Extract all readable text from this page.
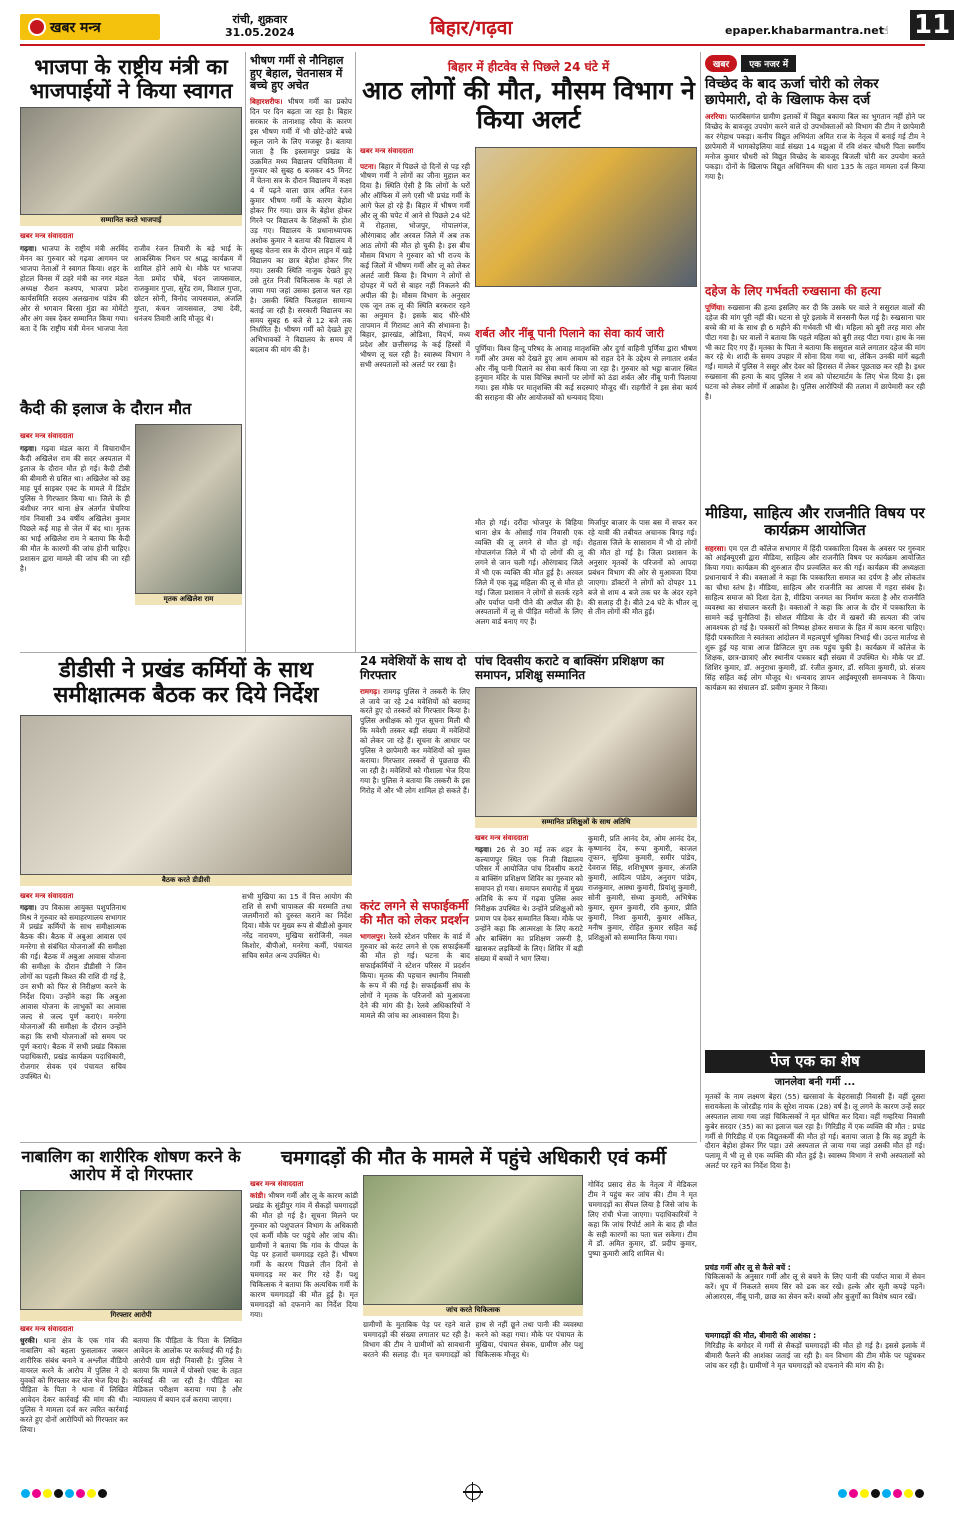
खबर मन्त्र	रांची, शुक्रवार
31.05.2024	बिहार/गढ़वा	epaper.khabarmantra.net
☝ 11
भाजपा के राष्ट्रीय मंत्री का भाजपाईयों ने किया स्वागत
सम्मानित करते भाजपाई
खबर मन्त्र संवाददाता
गढ़वा। भाजपा के राष्ट्रीय मंत्री अरविंद मेनन का गुरुवार को गढ़वा आगमन पर भाजपा नेताओं ने स्वागत किया। शहर के होटल विनस में ठहरे मंत्री का नगर मंडल अध्यक्ष रौशन कश्यप, भाजपा प्रदेश कार्यसमिति सदस्य अलखनाथ पांडेय की ओर से भगवान बिरसा मुंडा का मोमेंटो और अंग वस्त्र देकर सम्मानित किया गया। बता दें कि राष्ट्रीय मंत्री मेनन भाजपा नेता राजीव रंजन तिवारी के बड़े भाई के आकस्मिक निधन पर श्राद्ध कार्यक्रम में शामिल होने आये थे। मौके पर भाजपा नेता प्रमोद चौबे, चंदन जायसवाल, राजकुमार गुप्ता, सुरेंद्र राम, विशाल गुप्ता, छोटन सोनी, विनोद जायसवाल, अंजलि गुप्ता, कंचन जायसवाल, उषा देवी, धनंजय तिवारी आदि मौजूद थे।
भीषण गर्मी से नौनिहाल हुए बेहाल, चेतनासत्र में बच्चे हुए अचेत
बिहारशरीफ। भीषण गर्मी का प्रकोप दिन पर दिन बढ़ता जा रहा है। बिहार सरकार के तानाशाह रवैया के कारण इस भीषण गर्मी में भी छोटे-छोटे बच्चे स्कूल जाने के लिए मजबूर है। बताया जाता है कि इस्लामपुर प्रखंड के उत्क्रमित मध्य विद्यालय पचिवितमा में गुरुवार को सुबह 6 बजकर 45 मिनट में चेतना सत्र के दौरान विद्यालय में कक्षा 4 में पढ़ने वाला छात्र अमित रंजन कुमार भीषण गर्मी के कारण बेहोश होकर गिर गया। छात्र के बेहोश होकर गिरने पर विद्यालय के शिक्षकों के होश उड़ गए। विद्यालय के प्रधानाध्यापक अशोक कुमार ने बताया की विद्यालय में सुबह चेतना सत्र के दौरान लाइन में खड़े विद्यालय का छात्र बेहोश होकर गिर गया। उसकी स्थिति नाजुक देखते हुए उसे तुरंत निजी चिकित्सक के यहां ले जाया गया जहां उसका इलाज चल रहा है। उसकी स्थिति फिलहाल सामान्य बताई जा रही है। सरकारी विद्यालय का समय सुबह 6 बजे से 12 बजे तक निर्धारित है। भीषण गर्मी को देखते हुए अभिभावकों ने विद्यालय के समय में बदलाव की मांग की है।
कैदी की इलाज के दौरान मौत
खबर मन्त्र संवाददाता
गढ़वा। गढ़वा मंडल कारा में विचाराधीन कैदी अखिलेश राम की सदर अस्पताल में इलाज के दौरान मौत हो गई। कैदी टीबी की बीमारी से ग्रसित था। अखिलेश को छह माह पूर्व साइबर एक्ट के मामले में डिंडोर पुलिस ने गिरफ्तार किया था। जिले के ही बंशीधर नगर थाना क्षेत्र अंतर्गत चेचरिया गांव निवासी 34 वर्षीय अखिलेश कुमार पिछले कई माह से जेल में बंद था। मृतक का भाई अखिलेश राम ने बताया कि कैदी की मौत के कारणों की जांच होनी चाहिए। प्रशासन द्वारा मामले की जांच की जा रही है।
मृतक अखिलेश राम
बिहार में हीटवेव से पिछले 24 घंटे में
आठ लोगों की मौत, मौसम विभाग ने किया अलर्ट
खबर मन्त्र संवाददाता
पटना। बिहार में पिछले दो दिनों से पड़ रही भीषण गर्मी ने लोगों का जीना मुहाल कर दिया है। स्थिति ऐसी है कि लोगों के घरों और ऑफिस में लगे एसी भी प्रचंड गर्मी के आगे फेल हो रहे हैं। बिहार में भीषण गर्मी और लू की चपेट में आने से पिछले 24 घंटे में रोहतास, भोजपुर, गोपालगंज, औरंगाबाद और अरवल जिले में अब तक आठ लोगों की मौत हो चुकी है। इस बीच मौसम विभाग ने गुरुवार को भी राज्य के कई जिलों में भीषण गर्मी और लू को लेकर अलर्ट जारी किया है। विभाग ने लोगों से दोपहर में घरों से बाहर नहीं निकलने की अपील की है। मौसम विभाग के अनुसार एक जून तक लू की स्थिति बरकरार रहने का अनुमान है। इसके बाद धीरे-धीरे तापमान में गिरावट आने की संभावना है। बिहार, झारखंड, ओडिशा, विदर्भ, मध्य प्रदेश और छत्तीसगढ़ के कई हिस्सों में भीषण लू चल रही है। स्वास्थ्य विभाग ने सभी अस्पतालों को अलर्ट पर रखा है।
शर्बत और नींबू पानी पिलाने का सेवा कार्य जारी
पूर्णिया। विश्व हिन्दू परिषद के आवाह मातृशक्ति और दुर्गा वाहिनी पूर्णिया द्वारा भीषण गर्मी और उमस को देखते हुए आम आवाम को राहत देने के उद्देश्य से लगातार शर्बत और नींबू पानी पिलाने का सेवा कार्य किया जा रहा है। गुरुवार को भट्ठा बाजार स्थित हनुमान मंदिर के पास विभिन्न स्थानों पर लोगों को ठंडा शर्बत और नींबू पानी पिलाया गया। इस मौके पर मातृशक्ति की कई सदस्याएं मौजूद थीं। राहगीरों ने इस सेवा कार्य की सराहना की और आयोजकों को धन्यवाद दिया।
मौत हो गई। दरौंदा भोजपुर के बिहिया थाना क्षेत्र के ओसाईं गांव निवासी एक व्यक्ति की लू लगने से मौत हो गई। गोपालगंज जिले में भी दो लोगों की लू लगने से जान चली गई। औरंगाबाद जिले में भी एक व्यक्ति की मौत हुई है। अरवल जिले में एक वृद्ध महिला की लू से मौत हो गई। जिला प्रशासन ने लोगों से सतर्क रहने और पर्याप्त पानी पीने की अपील की है। अस्पतालों में लू से पीड़ित मरीजों के लिए अलग वार्ड बनाए गए हैं।
मिर्जापुर बाजार के पास बस में सफर कर रहे यात्री की तबीयत अचानक बिगड़ गई। रोहतास जिले के सासाराम में भी दो लोगों की मौत हो गई है। जिला प्रशासन के अनुसार मृतकों के परिजनों को आपदा प्रबंधन विभाग की ओर से मुआवजा दिया जाएगा। डॉक्टरों ने लोगों को दोपहर 11 बजे से शाम 4 बजे तक घर के अंदर रहने की सलाह दी है। बीते 24 घंटे के भीतर लू से तीन लोगों की मौत हुई।
खबर	एक नजर में
विच्छेद के बाद ऊर्जा चोरी को लेकर छापेमारी, दो के खिलाफ केस दर्ज
अररिया। फारबिसगंज ग्रामीण इलाकों में विद्युत बकाया बिल का भुगतान नहीं होने पर विच्छेद के बावजूद उपयोग करने वाले दो उपभोक्ताओं को विभाग की टीम ने छापेमारी कर रंगेहाथ पकड़ा। कनीय विद्युत अभियंता अमित राज के नेतृत्व में बनाई गई टीम ने छापेमारी में भागकोइलिया वार्ड संख्या 14 मझुआ में रवि शंकर चौधरी पिता स्वर्गीय मनोज कुमार चौधरी को विद्युत विच्छेद के बावजूद बिजली चोरी कर उपयोग करते पकड़ा। दोनों के खिलाफ विद्युत अधिनियम की धारा 135 के तहत मामला दर्ज किया गया है।
दहेज के लिए गर्भवती रुखसाना की हत्या
पूर्णिया। रुखसाना की हत्या इसलिए कर दी कि उसके घर वाले ने ससुराल वालों की दहेज की मांग पूरी नहीं की। घटना से पूरे इलाके में सनसनी फैल गई है। रुखसाना चार बच्चे की मां के साथ ही 6 महीने की गर्भवती भी थी। महिला को बुरी तरह मारा और पीटा गया है। घर वालों ने बताया कि पहले महिला को बुरी तरह पीटा गया। हाथ के नस भी काट दिए गए हैं। मृतका के पिता ने बताया कि ससुराल वाले लगातार दहेज की मांग कर रहे थे। शादी के समय उपहार में सोना दिया गया था, लेकिन उनकी मांगें बढ़ती गईं। मामले में पुलिस ने ससुर और देवर को हिरासत में लेकर पूछताछ कर रही है। इधर रुखसाना की हत्या के बाद पुलिस ने शव को पोस्टमार्टम के लिए भेज दिया है। इस घटना को लेकर लोगों में आक्रोश है। पुलिस आरोपियों की तलाश में छापेमारी कर रही है।
मीडिया, साहित्य और राजनीति विषय पर कार्यक्रम आयोजित
सहरसा। एम एल टी कॉलेज सभागार में हिंदी पत्रकारिता दिवस के अवसर पर गुरुवार को आईक्यूएसी द्वारा मीडिया, साहित्य और राजनीति विषय पर कार्यक्रम आयोजित किया गया। कार्यक्रम की शुरुआत दीप प्रज्वलित कर की गई। कार्यक्रम की अध्यक्षता प्रधानाचार्य ने की। वक्ताओं ने कहा कि पत्रकारिता समाज का दर्पण है और लोकतंत्र का चौथा स्तंभ है। मीडिया, साहित्य और राजनीति का आपस में गहरा संबंध है। साहित्य समाज को दिशा देता है, मीडिया जनमत का निर्माण करता है और राजनीति व्यवस्था का संचालन करती है। वक्ताओं ने कहा कि आज के दौर में पत्रकारिता के सामने कई चुनौतियां हैं। सोशल मीडिया के दौर में खबरों की सत्यता की जांच आवश्यक हो गई है। पत्रकारों को निष्पक्ष होकर समाज के हित में काम करना चाहिए। हिंदी पत्रकारिता ने स्वतंत्रता आंदोलन में महत्वपूर्ण भूमिका निभाई थी। उदन्त मार्तण्ड से शुरू हुई यह यात्रा आज डिजिटल युग तक पहुंच चुकी है। कार्यक्रम में कॉलेज के शिक्षक, छात्र-छात्राएं और स्थानीय पत्रकार बड़ी संख्या में उपस्थित थे। मौके पर डॉ. शिशिर कुमार, डॉ. अनुराधा कुमारी, डॉ. रंजीत कुमार, डॉ. सविता कुमारी, प्रो. संजय सिंह सहित कई लोग मौजूद थे। धन्यवाद ज्ञापन आईक्यूएसी समन्वयक ने किया। कार्यक्रम का संचालन डॉ. प्रवीण कुमार ने किया।
डीडीसी ने प्रखंड कर्मियों के साथ समीक्षात्मक बैठक कर दिये निर्देश
बैठक करते डीडीसी
खबर मन्त्र संवाददाता
गढ़वा। उप विकास आयुक्त पशुपतिनाथ मिश्र ने गुरुवार को समाहरणालय सभागार में प्रखंड कर्मियों के साथ समीक्षात्मक बैठक की। बैठक में अबुआ आवास एवं मनरेगा से संबंधित योजनाओं की समीक्षा की गई। बैठक में अबुआ आवास योजना की समीक्षा के दौरान डीडीसी ने जिन लोगों का पहली किश्त की राशि दी गई है, उन सभी को फिर से निरीक्षण करने के निर्देश दिया। उन्होंने कहा कि अबुआ आवास योजना के लाभुकों का आवास जल्द से जल्द पूर्ण कराएं। मनरेगा योजनाओं की समीक्षा के दौरान उन्होंने कहा कि सभी योजनाओं को समय पर पूर्ण कराएं। बैठक में सभी प्रखंड विकास पदाधिकारी, प्रखंड कार्यक्रम पदाधिकारी, रोजगार सेवक एवं पंचायत सचिव उपस्थित थे।
सभी मुखिया का 15 वें वित्त आयोग की राशि से सभी चापाकल की मरम्मति तथा जलमीनारों को दुरुस्त कराने का निर्देश दिया। मौके पर मुख्य रूप से बीडीओ कुमार नरेंद्र नारायण, मुखिया सरोजिनी, नवल किशोर, बीपीओ, मनरेगा कर्मी, पंचायत सचिव समेत अन्य उपस्थित थे।
24 मवेशियों के साथ दो गिरफ्तार
रामगढ़। रामगढ़ पुलिस ने तस्करी के लिए ले जाये जा रहे 24 मवेशियों को बरामद करते हुए दो तस्करों को गिरफ्तार किया है। पुलिस अधीक्षक को गुप्त सूचना मिली थी कि मवेशी तस्कर बड़ी संख्या में मवेशियों को लेकर जा रहे हैं। सूचना के आधार पर पुलिस ने छापेमारी कर मवेशियों को मुक्त कराया। गिरफ्तार तस्करों से पूछताछ की जा रही है। मवेशियों को गौशाला भेज दिया गया है। पुलिस ने बताया कि तस्करी के इस गिरोह में और भी लोग शामिल हो सकते हैं।
करंट लगने से सफाईकर्मी की मौत को लेकर प्रदर्शन
भागलपुर। रेलवे स्टेशन परिसर के वार्ड में गुरुवार को करंट लगने से एक सफाईकर्मी की मौत हो गई। घटना के बाद सफाईकर्मियों ने स्टेशन परिसर में प्रदर्शन किया। मृतक की पहचान स्थानीय निवासी के रूप में की गई है। सफाईकर्मी संघ के लोगों ने मृतक के परिजनों को मुआवजा देने की मांग की है। रेलवे अधिकारियों ने मामले की जांच का आश्वासन दिया है।
पांच दिवसीय कराटे व बाक्सिंग प्रशिक्षण का समापन, प्रशिक्षु सम्मानित
सम्मानित प्रशिक्षुओं के साथ अतिथि
खबर मन्त्र संवाददाता
गढ़वा। 26 से 30 मई तक शहर के कल्याणपुर स्थित एक निजी विद्यालय परिसर में आयोजित पांच दिवसीय कराटे व बाक्सिंग प्रशिक्षण शिविर का गुरुवार को समापन हो गया। समापन समारोह में मुख्य अतिथि के रूप में गढ़वा पुलिस अवर निरीक्षक उपस्थित थे। उन्होंने प्रशिक्षुओं को प्रमाण पत्र देकर सम्मानित किया। मौके पर उन्होंने कहा कि आत्मरक्षा के लिए कराटे और बाक्सिंग का प्रशिक्षण जरूरी है, खासकर लड़कियों के लिए। शिविर में बड़ी संख्या में बच्चों ने भाग लिया।
कुमारी, प्रति आनंद देव, ओम आनंद देव, कृष्णानंद देव, रूपा कुमारी, काजल तूफान, सुप्रिया कुमारी, समीर पांडेय, देवराज सिंह, शशिभूषण कुमार, अंजलि कुमारी, आदित्य पांडेय, अनुराग पांडेय, राजकुमार, आस्था कुमारी, प्रियांशु कुमारी, सोनी कुमारी, संध्या कुमारी, अभिषेक कुमार, सुमन कुमारी, रवि कुमार, प्रीति कुमारी, निशा कुमारी, कुमार अंकित, मनीष कुमार, रोहित कुमार सहित कई प्रशिक्षुओं को सम्मानित किया गया।
पेज एक का शेष
जानलेवा बनी गर्मी ...
मृतकों के नाम लक्ष्मण बेहरा (55) खरसावां के बेहरासाही निवासी हैं। वहीं दूसरा सरायकेला के जोरडीह गांव के सुरेश नायक (28) वर्ष है। लू लगने के कारण उन्हें सदर अस्पताल लाया गया जहां चिकित्सकों ने मृत घोषित कर दिया। वहीं गम्हरिया निवासी कुबेर सरदार (35) का का इलाज चल रहा है। गिरिडीह में एक व्यक्ति की मौत : प्रचंड गर्मी से गिरिडीह में एक विद्युतकर्मी की मौत हो गई। बताया जाता है कि वह ड्यूटी के दौरान बेहोश होकर गिर पड़ा। उसे अस्पताल ले जाया गया जहां उसकी मौत हो गई। पलामू में भी लू से एक व्यक्ति की मौत हुई है। स्वास्थ्य विभाग ने सभी अस्पतालों को अलर्ट पर रहने का निर्देश दिया है।
प्रचंड गर्मी और लू से कैसे बचें :
चिकित्सकों के अनुसार गर्मी और लू से बचने के लिए पानी की पर्याप्त मात्रा में सेवन करें। धूप में निकलते समय सिर को ढक कर रखें। हल्के और सूती कपड़े पहनें। ओआरएस, नींबू पानी, छाछ का सेवन करें। बच्चों और बुजुर्गों का विशेष ध्यान रखें।
चमगादड़ों की मौत, बीमारी की आशंका :
गिरिडीह के बगोदर में गर्मी से सैकड़ों चमगादड़ों की मौत हो गई है। इससे इलाके में बीमारी फैलने की आशंका जताई जा रही है। वन विभाग की टीम मौके पर पहुंचकर जांच कर रही है। ग्रामीणों ने मृत चमगादड़ों को दफनाने की मांग की है।
नाबालिग का शारीरिक शोषण करने के आरोप में दो गिरफ्तार
गिरफ्तार आरोपी
खबर मन्त्र संवाददाता
धुरकी। थाना क्षेत्र के एक गांव की नाबालिग को बहला फुसलाकर जबरन शारीरिक संबंध बनाने व अश्लील वीडियो वायरल करने के आरोप में पुलिस ने दो युवकों को गिरफ्तार कर जेल भेज दिया है। पीड़िता के पिता ने थाना में लिखित आवेदन देकर कार्रवाई की मांग की थी। पुलिस ने मामला दर्ज कर त्वरित कार्रवाई करते हुए दोनों आरोपियों को गिरफ्तार कर लिया।
बताया कि पीड़िता के पिता के लिखित आवेदन के आलोक पर कार्रवाई की गई है। आरोपी ग्राम संड़ी निवासी है। पुलिस ने बताया कि मामले में पोक्सो एक्ट के तहत कार्रवाई की जा रही है। पीड़िता का मेडिकल परीक्षण कराया गया है और न्यायालय में बयान दर्ज कराया जाएगा।
चमगादड़ों की मौत के मामले में पहुंचे अधिकारी एवं कर्मी
खबर मन्त्र संवाददाता
कांडी। भीषण गर्मी और लू के कारण कांडी प्रखंड के सुंडीपुर गांव में सैकड़ों चमगादड़ों की मौत हो गई है। सूचना मिलने पर गुरुवार को पशुपालन विभाग के अधिकारी एवं कर्मी मौके पर पहुंचे और जांच की। ग्रामीणों ने बताया कि गांव के पीपल के पेड़ पर हजारों चमगादड़ रहते हैं। भीषण गर्मी के कारण पिछले तीन दिनों से चमगादड़ मर कर गिर रहे हैं। पशु चिकित्सक ने बताया कि अत्यधिक गर्मी के कारण चमगादड़ों की मौत हुई है। मृत चमगादड़ों को दफनाने का निर्देश दिया गया।
जांच करते चिकित्सक
ग्रामीणों के मुताबिक पेड़ पर रहने वाले चमगादड़ों की संख्या लगातार घट रही है। विभाग की टीम ने ग्रामीणों को सावधानी बरतने की सलाह दी। मृत चमगादड़ों को हाथ से नहीं छूने तथा पानी की व्यवस्था करने को कहा गया। मौके पर पंचायत के मुखिया, पंचायत सेवक, ग्रामीण और पशु चिकित्सक मौजूद थे।
गोविंद प्रसाद सेठ के नेतृत्व में मेडिकल टीम ने पहुंच कर जांच की। टीम ने मृत चमगादड़ों का सैंपल लिया है जिसे जांच के लिए रांची भेजा जाएगा। पदाधिकारियों ने कहा कि जांच रिपोर्ट आने के बाद ही मौत के सही कारणों का पता चल सकेगा। टीम में डॉ. अमित कुमार, डॉ. प्रदीप कुमार, पुष्पा कुमारी आदि शामिल थे।
